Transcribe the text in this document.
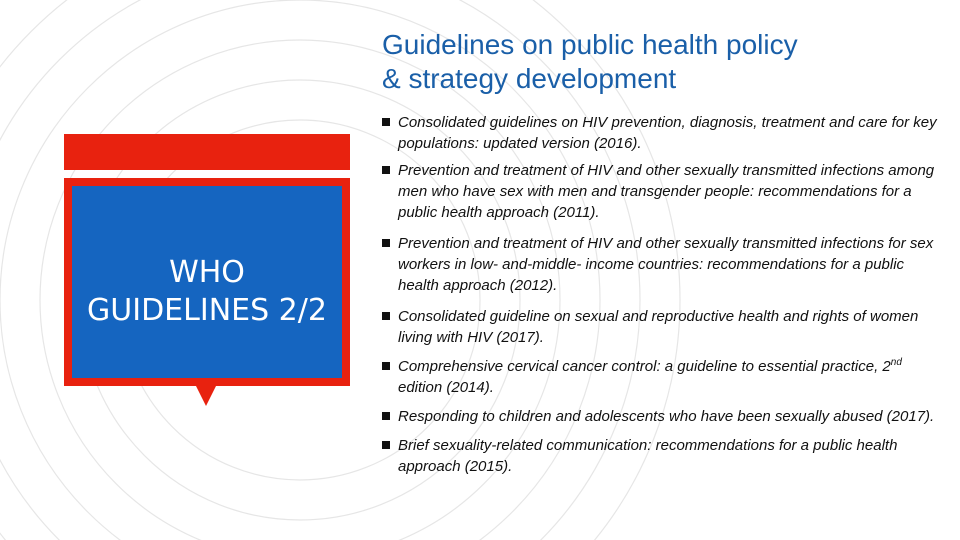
WHO
GUIDELINES 2/2
Guidelines on public health policy
& strategy development
Consolidated guidelines on HIV prevention, diagnosis, treatment and care for key populations: updated version (2016).
Prevention and treatment of HIV and other sexually transmitted infections among men who have sex with men and transgender people: recommendations for a public health approach (2011).
Prevention and treatment of HIV and other sexually transmitted infections for sex workers in low- and-middle- income countries: recommendations for a public health approach (2012).
Consolidated guideline on sexual and reproductive health and rights of women living with HIV (2017).
Comprehensive cervical cancer control: a guideline to essential practice, 2nd edition (2014).
Responding to children and adolescents who have been sexually abused (2017).
Brief sexuality-related communication: recommendations for a public health approach (2015).
